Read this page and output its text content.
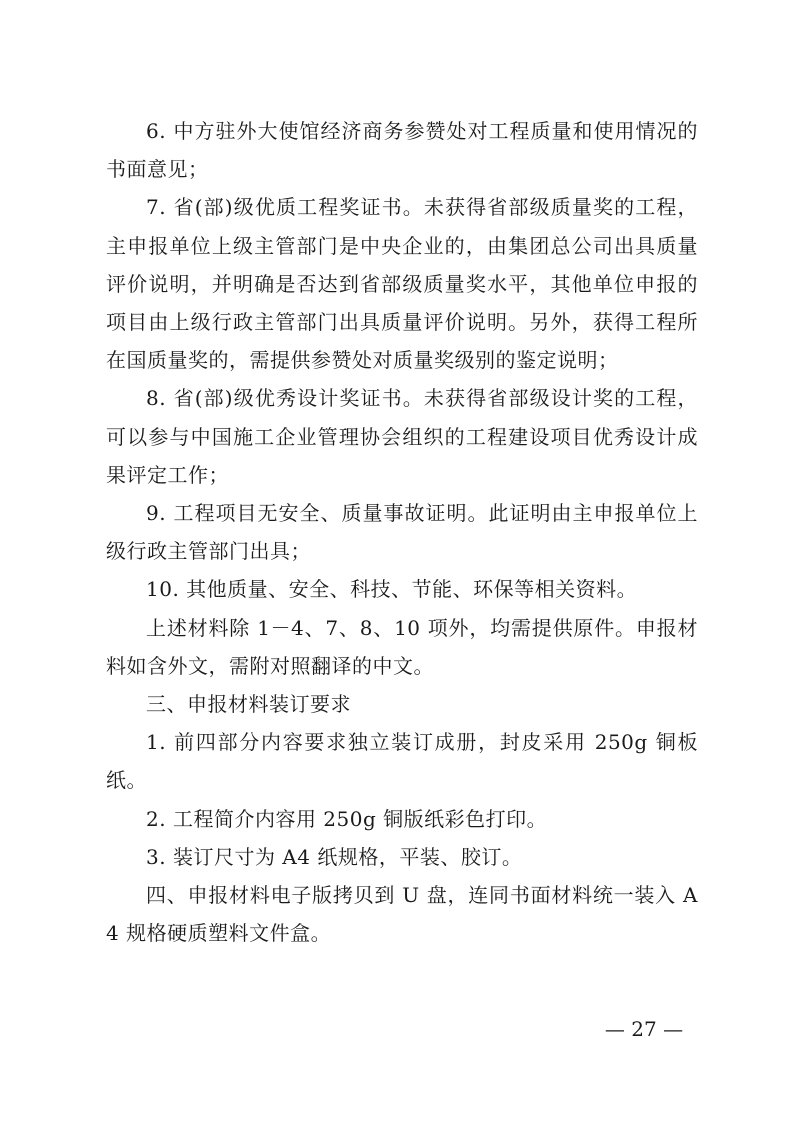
6. 中方驻外大使馆经济商务参赞处对工程质量和使用情况的书面意见；

7. 省(部)级优质工程奖证书。未获得省部级质量奖的工程，主申报单位上级主管部门是中央企业的，由集团总公司出具质量评价说明，并明确是否达到省部级质量奖水平，其他单位申报的项目由上级行政主管部门出具质量评价说明。另外，获得工程所在国质量奖的，需提供参赞处对质量奖级别的鉴定说明；

8. 省(部)级优秀设计奖证书。未获得省部级设计奖的工程，可以参与中国施工企业管理协会组织的工程建设项目优秀设计成果评定工作；

9. 工程项目无安全、质量事故证明。此证明由主申报单位上级行政主管部门出具；

10. 其他质量、安全、科技、节能、环保等相关资料。

上述材料除 1－4、7、8、10 项外，均需提供原件。申报材料如含外文，需附对照翻译的中文。

三、申报材料装订要求

1. 前四部分内容要求独立装订成册，封皮采用 250g 铜板纸。

2. 工程简介内容用 250g 铜版纸彩色打印。

3. 装订尺寸为 A4 纸规格，平装、胶订。

四、申报材料电子版拷贝到 U 盘，连同书面材料统一装入 A4 规格硬质塑料文件盒。

— 27 —
